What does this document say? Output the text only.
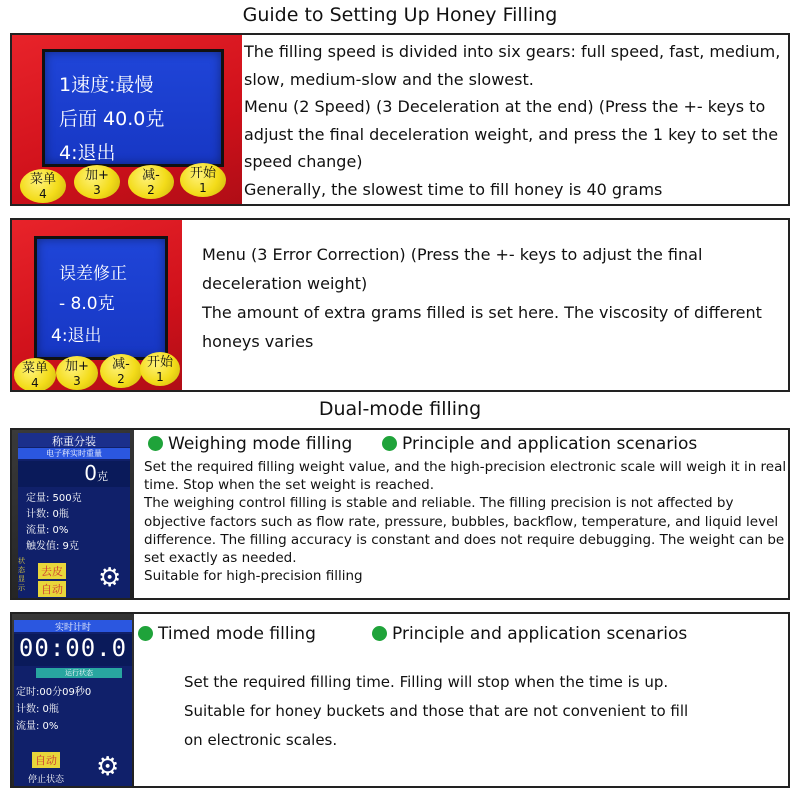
Guide to Setting Up Honey Filling
1速度:最慢
后面 40.0克
4:退出
菜单
4
加+
3
减-
2
开始
1
The filling speed is divided into six gears: full speed, fast, medium,
slow, medium-slow and the slowest.
Menu (2 Speed) (3 Deceleration at the end) (Press the +- keys to
adjust the final deceleration weight, and press the 1 key to set the
speed change)
Generally, the slowest time to fill honey is 40 grams
误差修正
- 8.0克
4:退出
菜单
4
加+
3
减-
2
开始
1
Menu (3 Error Correction) (Press the +- keys to adjust the final
deceleration weight)
The amount of extra grams filled is set here. The viscosity of different
honeys varies
Dual-mode filling
称重分装
电子秤实时重量
0克
定量: 500克
计数: 0瓶
流量: 0%
触发值: 9克
状
态
显
示
去皮
自动 ⚙
Weighing mode filling	Principle and application scenarios
Set the required filling weight value, and the high-precision electronic scale will weigh it in real
time. Stop when the set weight is reached.
The weighing control filling is stable and reliable. The filling precision is not affected by
objective factors such as flow rate, pressure, bubbles, backflow, temperature, and liquid level
difference. The filling accuracy is constant and does not require debugging. The weight can be
set exactly as needed.
Suitable for high-precision filling
实时计时
00:00.0
运行状态
定时:00分09秒0
计数: 0瓶
流量: 0%
自动
停止状态 ⚙
Timed mode filling	Principle and application scenarios
Set the required filling time. Filling will stop when the time is up.
Suitable for honey buckets and those that are not convenient to fill
on electronic scales.
